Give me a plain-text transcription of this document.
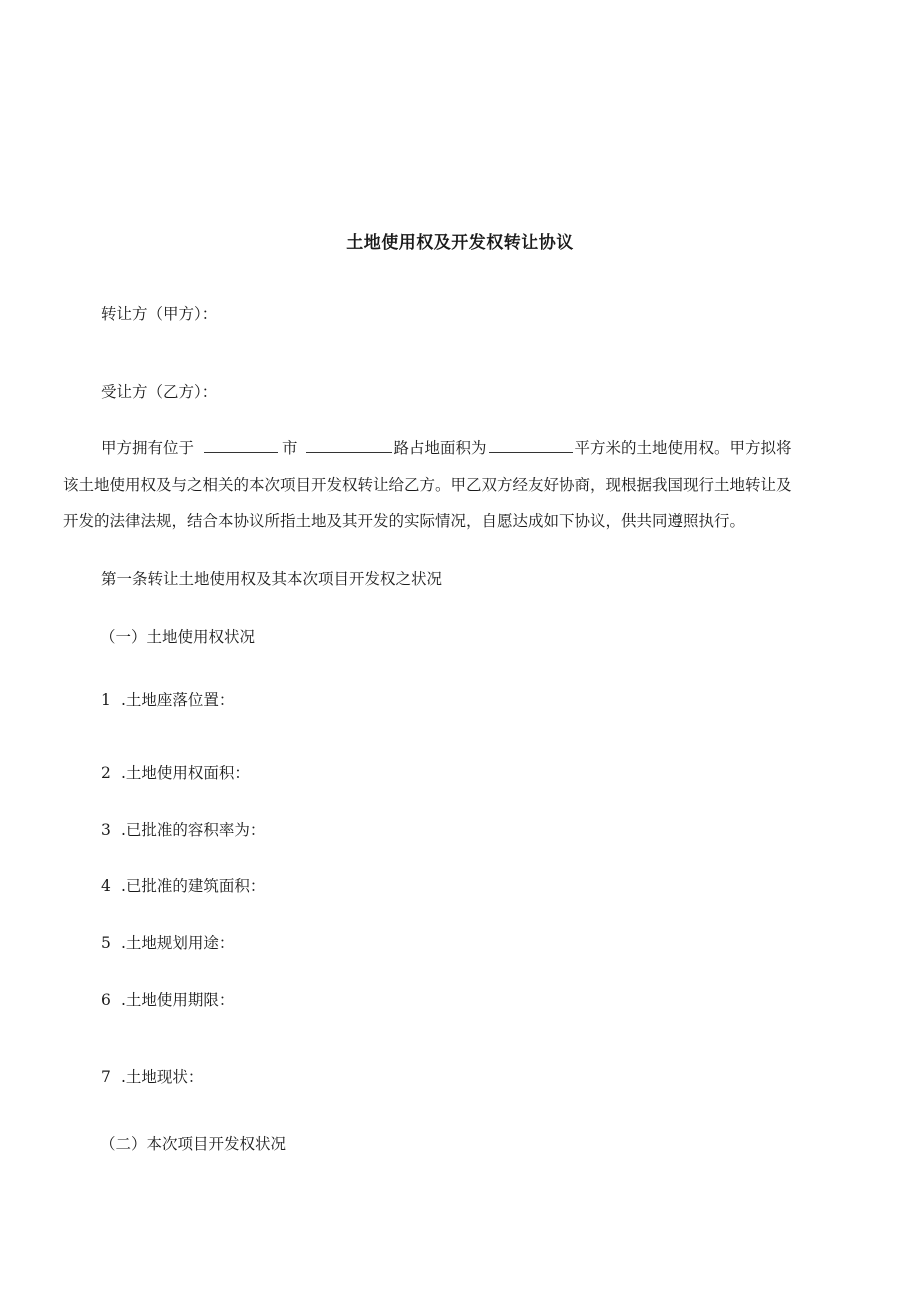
土地使用权及开发权转让协议
转让方（甲方）：
受让方（乙方）：
甲方拥有位于	市	路占地面积为	平方米的土地使用权。甲方拟将
该土地使用权及与之相关的本次项目开发权转让给乙方。甲乙双方经友好协商，现根据我国现行土地转让及
开发的法律法规，结合本协议所指土地及其开发的实际情况，自愿达成如下协议，供共同遵照执行。
第一条转让土地使用权及其本次项目开发权之状况
（一）土地使用权状况
1 .土地座落位置：
2 .土地使用权面积：
3 .已批准的容积率为：
4 .已批准的建筑面积：
5 .土地规划用途：
6 .土地使用期限：
7 .土地现状：
（二）本次项目开发权状况
